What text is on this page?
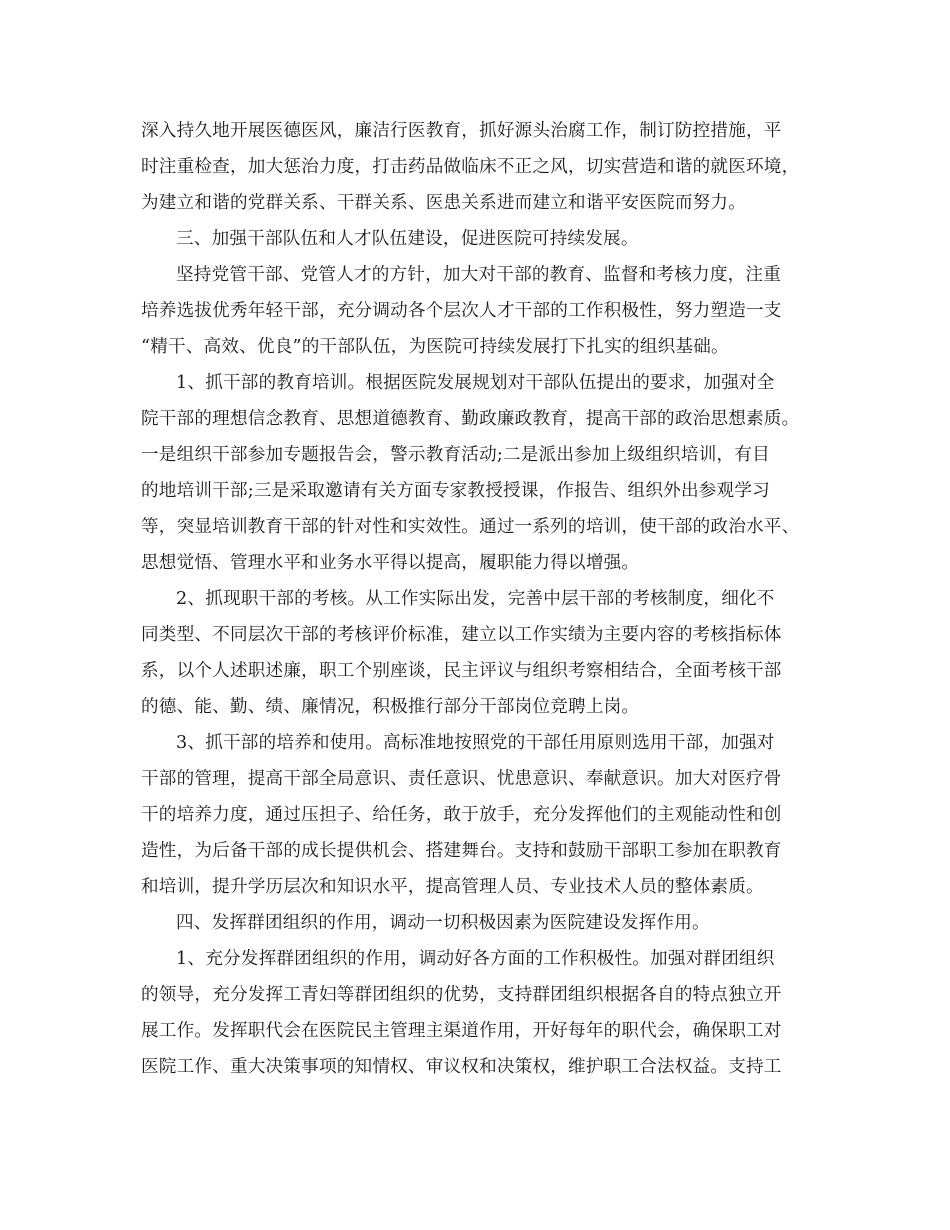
深入持久地开展医德医风，廉洁行医教育，抓好源头治腐工作，制订防控措施，平
时注重检查，加大惩治力度，打击药品做临床不正之风，切实营造和谐的就医环境，
为建立和谐的党群关系、干群关系、医患关系进而建立和谐平安医院而努力。
三、加强干部队伍和人才队伍建设，促进医院可持续发展。
坚持党管干部、党管人才的方针，加大对干部的教育、监督和考核力度，注重
培养选拔优秀年轻干部，充分调动各个层次人才干部的工作积极性，努力塑造一支
“精干、高效、优良”的干部队伍，为医院可持续发展打下扎实的组织基础。
1、抓干部的教育培训。根据医院发展规划对干部队伍提出的要求，加强对全
院干部的理想信念教育、思想道德教育、勤政廉政教育，提高干部的政治思想素质。
一是组织干部参加专题报告会，警示教育活动;二是派出参加上级组织培训，有目
的地培训干部;三是采取邀请有关方面专家教授授课，作报告、组织外出参观学习
等，突显培训教育干部的针对性和实效性。通过一系列的培训，使干部的政治水平、
思想觉悟、管理水平和业务水平得以提高，履职能力得以增强。
2、抓现职干部的考核。从工作实际出发，完善中层干部的考核制度，细化不
同类型、不同层次干部的考核评价标准，建立以工作实绩为主要内容的考核指标体
系，以个人述职述廉，职工个别座谈，民主评议与组织考察相结合，全面考核干部
的德、能、勤、绩、廉情况，积极推行部分干部岗位竞聘上岗。
3、抓干部的培养和使用。高标准地按照党的干部任用原则选用干部，加强对
干部的管理，提高干部全局意识、责任意识、忧患意识、奉献意识。加大对医疗骨
干的培养力度，通过压担子、给任务，敢于放手，充分发挥他们的主观能动性和创
造性，为后备干部的成长提供机会、搭建舞台。支持和鼓励干部职工参加在职教育
和培训，提升学历层次和知识水平，提高管理人员、专业技术人员的整体素质。
四、发挥群团组织的作用，调动一切积极因素为医院建设发挥作用。
1、充分发挥群团组织的作用，调动好各方面的工作积极性。加强对群团组织
的领导，充分发挥工青妇等群团组织的优势，支持群团组织根据各自的特点独立开
展工作。发挥职代会在医院民主管理主渠道作用，开好每年的职代会，确保职工对
医院工作、重大决策事项的知情权、审议权和决策权，维护职工合法权益。支持工
